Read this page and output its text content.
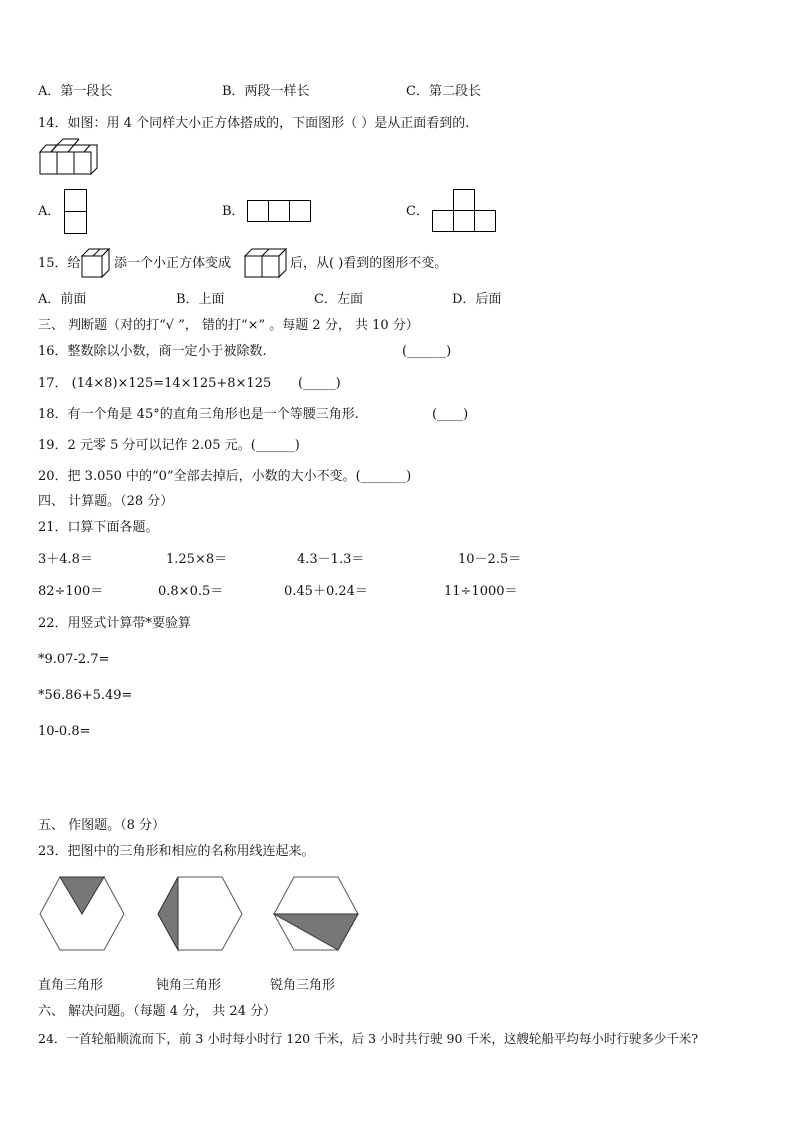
A．第一段长	B．两段一样长	C．第二段长
14．如图：用 4 个同样大小正方体搭成的，下面图形（ ）是从正面看到的.
A．	B．	C．
15．给	添一个小正方体变成	后，从( )看到的图形不变。
A．前面	B．上面	C．左面	D．后面
三、 判断题（对的打“√ ”， 错的打“×” 。每题 2 分， 共 10 分）
16．整数除以小数，商一定小于被除数.	(______)
17． (14×8)×125=14×125+8×125 (_____)
18．有一个角是 45°的直角三角形也是一个等腰三角形.	(____)
19．2 元零 5 分可以记作 2.05 元。(______)
20．把 3.050 中的“0”全部去掉后，小数的大小不变。(_______)
四、 计算题。（28 分）
21．口算下面各题。
3＋4.8＝	1.25×8＝	4.3－1.3＝	10－2.5＝
82÷100＝	0.8×0.5＝	0.45＋0.24＝	11÷1000＝
22．用竖式计算带*要验算
*9.07-2.7=
*56.86+5.49=
10-0.8=
五、 作图题。（8 分）
23．把图中的三角形和相应的名称用线连起来。
直角三角形	钝角三角形	锐角三角形
六、 解决问题。（每题 4 分， 共 24 分）
24．一首轮船顺流而下，前 3 小时每小时行 120 千米，后 3 小时共行驶 90 千米，这艘轮船平均每小时行驶多少千米?
